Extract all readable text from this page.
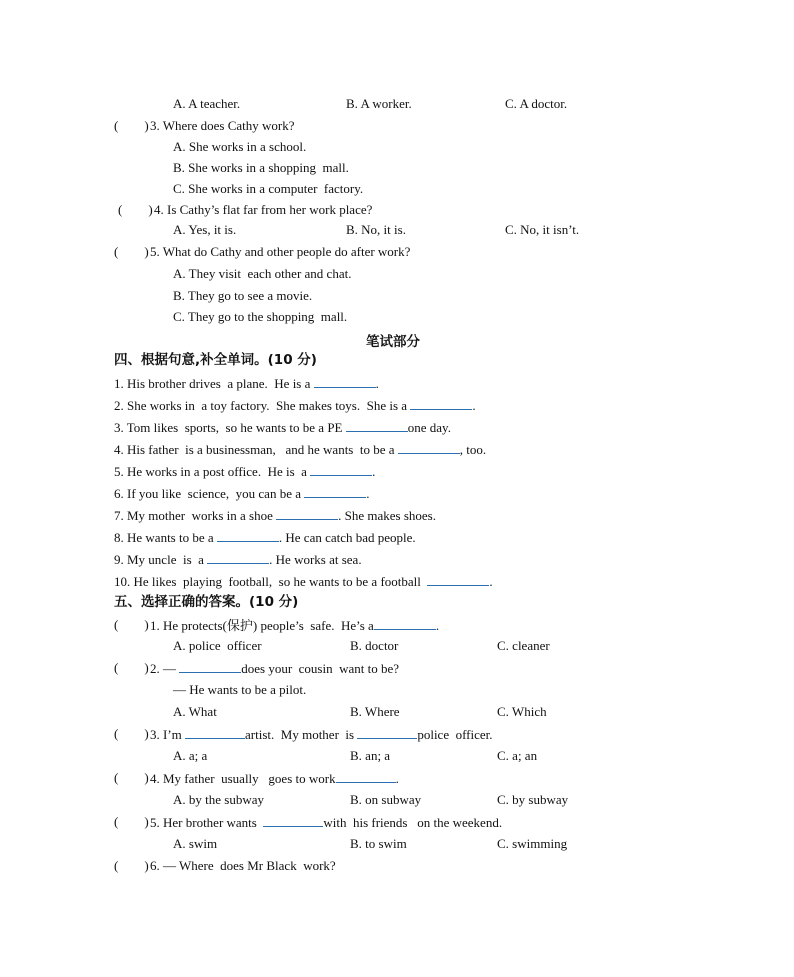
A. A teacher.	B. A worker.	C. A doctor.
(        ) 3. Where does Cathy work?
A. She works in a school.
B. She works in a shopping  mall.
C. She works in a computer  factory.
(        ) 4. Is Cathy’s flat far from her work place?
A. Yes, it is.	B. No, it is.	C. No, it isn’t.
(        ) 5. What do Cathy and other people do after work?
A. They visit  each other and chat.
B. They go to see a movie.
C. They go to the shopping  mall.
笔试部分
四、根据句意,补全单词。(10 分)
1. His brother drives  a plane.  He is a	.
2. She works in  a toy factory.  She makes toys.  She is a	.
3. Tom likes  sports,  so he wants to be a PE	one day.
4. His father  is a businessman,   and he wants  to be a	, too.
5. He works in a post office.  He is  a	.
6. If you like  science,  you can be a	.
7. My mother  works in a shoe	. She makes shoes.
8. He wants to be a	. He can catch bad people.
9. My uncle  is  a	. He works at sea.
10. He likes  playing  football,  so he wants to be a football	.
五、选择正确的答案。(10 分)
(        ) 1. He protects(保护) people’s  safe.  He’s a	.
A. police  officer	B. doctor	C. cleaner
(        ) 2. —	does your  cousin  want to be?
— He wants to be a pilot.
A. What	B. Where	C. Which
(        ) 3. I’m	artist.  My mother  is	police  officer.
A. a; a	B. an; a	C. a; an
(        ) 4. My father  usually   goes to work	.
A. by the subway	B. on subway	C. by subway
(        ) 5. Her brother wants	with  his friends   on the weekend.
A. swim	B. to swim	C. swimming
(        ) 6. — Where  does Mr Black  work?
